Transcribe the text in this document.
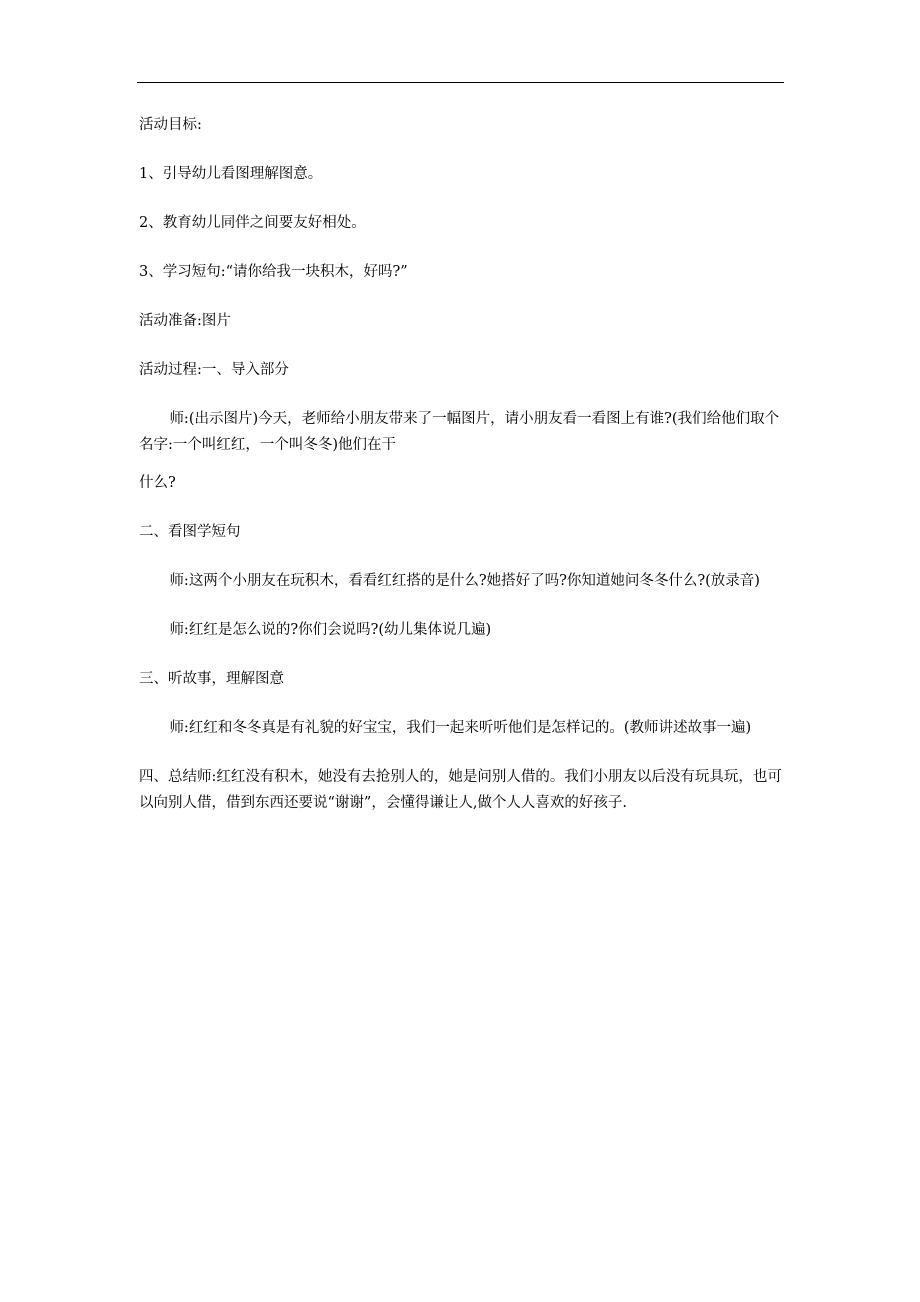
活动目标:

1、引导幼儿看图理解图意。

2、教育幼儿同伴之间要友好相处。

3、学习短句:“请你给我一块积木，好吗?”

活动准备:图片

活动过程:一、导入部分

师:(出示图片)今天，老师给小朋友带来了一幅图片，请小朋友看一看图上有谁?(我们给他们取个名字:一个叫红红，一个叫冬冬)他们在干

什么?

二、看图学短句

师:这两个小朋友在玩积木，看看红红搭的是什么?她搭好了吗?你知道她问冬冬什么?(放录音)

师:红红是怎么说的?你们会说吗?(幼儿集体说几遍)

三、听故事，理解图意

师:红红和冬冬真是有礼貌的好宝宝，我们一起来听听他们是怎样记的。(教师讲述故事一遍)

四、总结师:红红没有积木，她没有去抢别人的，她是问别人借的。我们小朋友以后没有玩具玩，也可以向别人借，借到东西还要说“谢谢”，会懂得谦让人,做个人人喜欢的好孩子.
